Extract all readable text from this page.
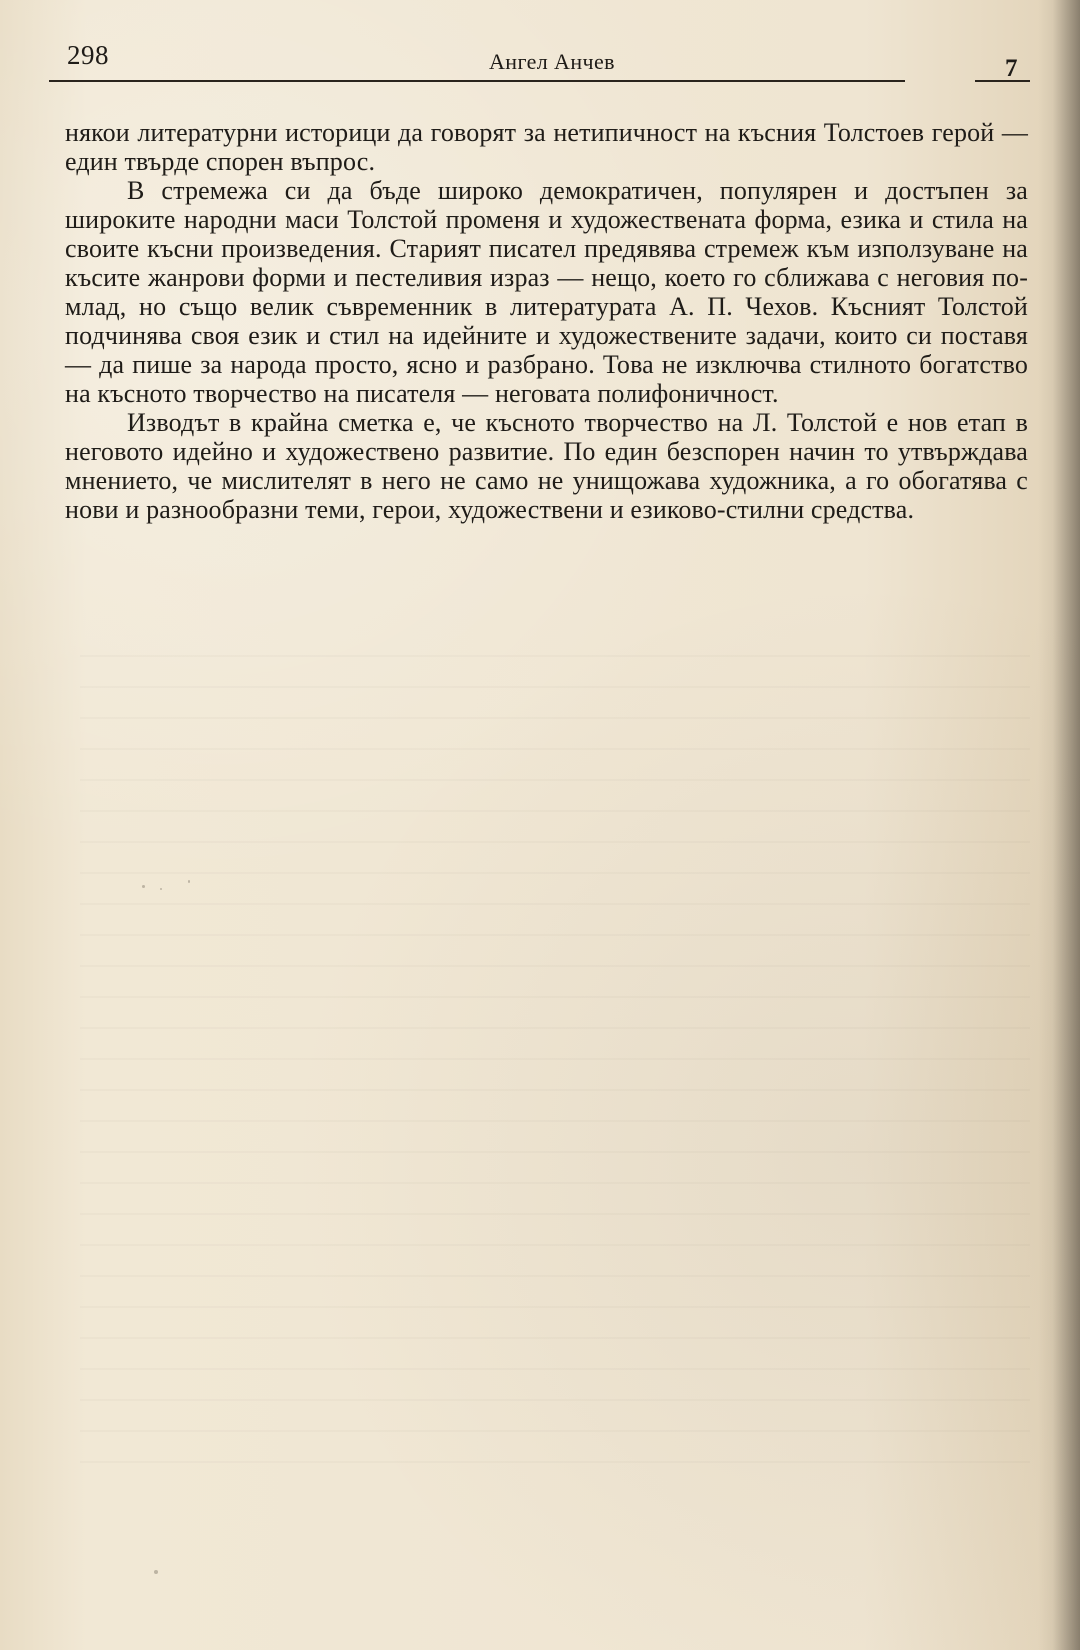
298	Ангел Анчев	7

някои литературни историци да говорят за нетипичност на късния Толстоев герой — един твърде спорен въпрос.

В стремежа си да бъде широко демократичен, популярен и достъпен за широките народни маси Толстой променя и художествената форма, езика и стила на своите късни произведения. Старият писател предявява стремеж към използуване на късите жанрови форми и пестеливия израз — нещо, което го сближава с неговия по-млад, но също велик съвременник в литературата А. П. Чехов. Късният Толстой подчинява своя език и стил на идейните и художествените задачи, които си поставя — да пише за народа просто, ясно и разбрано. Това не изключва стилното богатство на късното творчество на писателя — неговата полифоничност.

Изводът в крайна сметка е, че късното творчество на Л. Толстой е нов етап в неговото идейно и художествено развитие. По един безспорен начин то утвърждава мнението, че мислителят в него не само не унищожава художника, а го обогатява с нови и разнообразни теми, герои, художествени и езиково-стилни средства.
